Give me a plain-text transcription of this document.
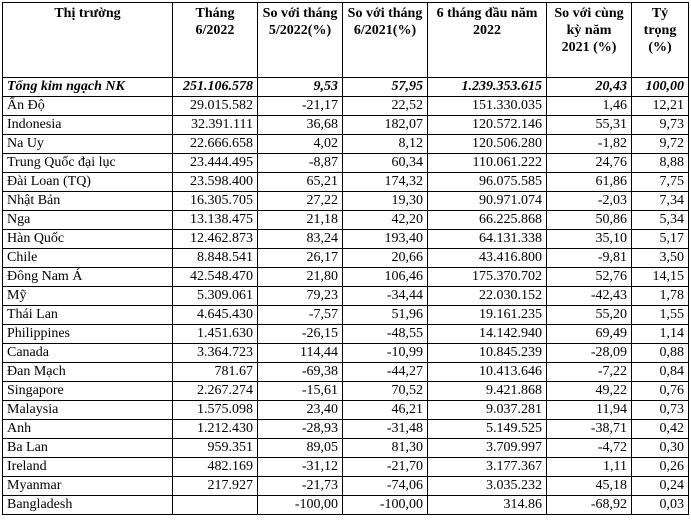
Thị trường	Tháng 6/2022	So với tháng 5/2022(%)	So với tháng 6/2021(%)	6 tháng đầu năm 2022	So với cùng kỳ năm 2021 (%)	Tỷ trọng (%)
Tổng kim ngạch NK	251.106.578	9,53	57,95	1.239.353.615	20,43	100,00
Ấn Độ	29.015.582	-21,17	22,52	151.330.035	1,46	12,21
Indonesia	32.391.111	36,68	182,07	120.572.146	55,31	9,73
Na Uy	22.666.658	4,02	8,12	120.506.280	-1,82	9,72
Trung Quốc đại lục	23.444.495	-8,87	60,34	110.061.222	24,76	8,88
Đài Loan (TQ)	23.598.400	65,21	174,32	96.075.585	61,86	7,75
Nhật Bản	16.305.705	27,22	19,30	90.971.074	-2,03	7,34
Nga	13.138.475	21,18	42,20	66.225.868	50,86	5,34
Hàn Quốc	12.462.873	83,24	193,40	64.131.338	35,10	5,17
Chile	8.848.541	26,17	20,66	43.416.800	-9,81	3,50
Đông Nam Á	42.548.470	21,80	106,46	175.370.702	52,76	14,15
Mỹ	5.309.061	79,23	-34,44	22.030.152	-42,43	1,78
Thái Lan	4.645.430	-7,57	51,96	19.161.235	55,20	1,55
Philippines	1.451.630	-26,15	-48,55	14.142.940	69,49	1,14
Canada	3.364.723	114,44	-10,99	10.845.239	-28,09	0,88
Đan Mạch	781.67	-69,38	-44,27	10.413.646	-7,22	0,84
Singapore	2.267.274	-15,61	70,52	9.421.868	49,22	0,76
Malaysia	1.575.098	23,40	46,21	9.037.281	11,94	0,73
Anh	1.212.430	-28,93	-31,48	5.149.525	-38,71	0,42
Ba Lan	959.351	89,05	81,30	3.709.997	-4,72	0,30
Ireland	482.169	-31,12	-21,70	3.177.367	1,11	0,26
Myanmar	217.927	-21,73	-74,06	3.035.232	45,18	0,24
Bangladesh		-100,00	-100,00	314.86	-68,92	0,03
